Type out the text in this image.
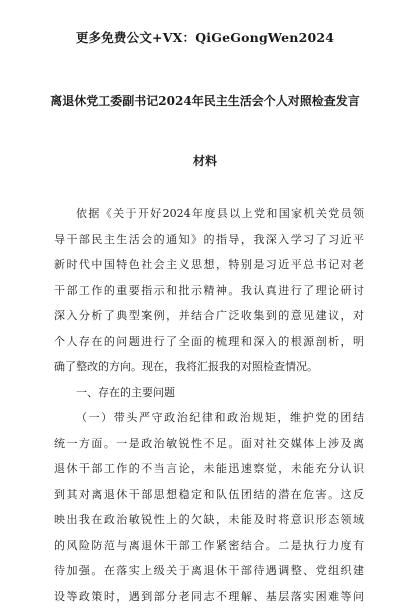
更多免费公文+VX：QiGeGongWen2024
离退休党工委副书记2024年民主生活会个人对照检查发言
材料
依据《关于开好2024年度县以上党和国家机关党员领
导干部民主生活会的通知》的指导，我深入学习了习近平
新时代中国特色社会主义思想，特别是习近平总书记对老
干部工作的重要指示和批示精神。我认真进行了理论研讨
深入分析了典型案例，并结合广泛收集到的意见建议，对
个人存在的问题进行了全面的梳理和深入的根源剖析，明
确了整改的方向。现在，我将汇报我的对照检查情况。
一、存在的主要问题
（一）带头严守政治纪律和政治规矩，维护党的团结
统一方面。一是政治敏锐性不足。面对社交媒体上涉及离
退休干部工作的不当言论，未能迅速察觉，未能充分认识
到其对离退休干部思想稳定和队伍团结的潜在危害。这反
映出我在政治敏锐性上的欠缺，未能及时将意识形态领域
的风险防范与离退休干部工作紧密结合。二是执行力度有
待加强。在落实上级关于离退休干部待遇调整、党组织建
设等政策时，遇到部分老同志不理解、基层落实困难等问
